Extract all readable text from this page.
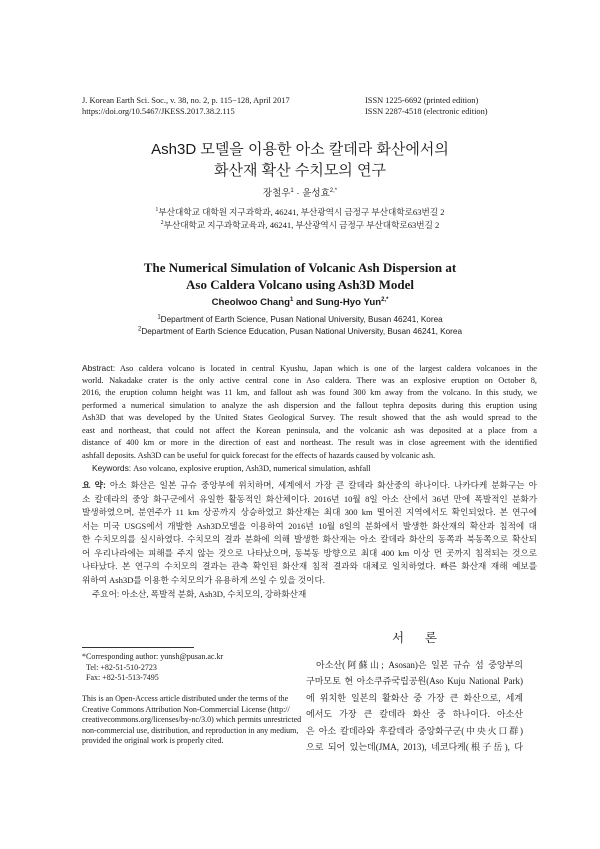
J. Korean Earth Sci. Soc., v. 38, no. 2, p. 115−128, April 2017
https://doi.org/10.5467/JKESS.2017.38.2.115
ISSN 1225-6692 (printed edition)
ISSN 2287-4518 (electronic edition)
Ash3D 모델을 이용한 아소 칼데라 화산에서의
화산재 확산 수치모의 연구
장철우$^1$ · 윤성효$^{2,*}$
$^1$부산대학교 대학원 지구과학과, 46241, 부산광역시 금정구 부산대학로63번길 2
$^2$부산대학교 지구과학교육과, 46241, 부산광역시 금정구 부산대학로63번길 2
The Numerical Simulation of Volcanic Ash Dispersion at
Aso Caldera Volcano using Ash3D Model
Cheolwoo Chang$^1$ and Sung-Hyo Yun$^{2,*}$
$^1$Department of Earth Science, Pusan National University, Busan 46241, Korea
$^2$Department of Earth Science Education, Pusan National University, Busan 46241, Korea
Abstract: Aso caldera volcano is located in central Kyushu, Japan which is one of the largest caldera volcanoes in the
world. Nakadake crater is the only active central cone in Aso caldera. There was an explosive eruption on October 8,
2016, the eruption column height was 11 km, and fallout ash was found 300 km away from the volcano. In this study, we
performed a numerical simulation to analyze the ash dispersion and the fallout tephra deposits during this eruption using
Ash3D that was developed by the United States Geological Survey. The result showed that the ash would spread to the
east and northeast, that could not affect the Korean peninsula, and the volcanic ash was deposited at a place from a
distance of 400 km or more in the direction of east and northeast. The result was in close agreement with the identified
ashfall deposits. Ash3D can be useful for quick forecast for the effects of hazards caused by volcanic ash.
Keywords: Aso volcano, explosive eruption, Ash3D, numerical simulation, ashfall
요 약: 아소 화산은 일본 규슈 중앙부에 위치하며, 세계에서 가장 큰 칼데라 화산중의 하나이다. 나카다케 분화구는 아
소 칼데라의 중앙 화구군에서 유일한 활동적인 화산체이다. 2016년 10월 8일 아소 산에서 36년 만에 폭발적인 분화가
발생하였으며, 분연주가 11 km 상공까지 상승하였고 화산재는 최대 300 km 떨어진 지역에서도 확인되었다. 본 연구에
서는 미국 USGS에서 개발한 Ash3D모델을 이용하여 2016년 10월 8일의 분화에서 발생한 화산재의 확산과 침적에 대
한 수치모의를 실시하였다. 수치모의 결과 분화에 의해 발생한 화산재는 아소 칼데라 화산의 동쪽과 북동쪽으로 확산되
어 우리나라에는 피해를 주지 않는 것으로 나타났으며, 동북동 방향으로 최대 400 km 이상 먼 곳까지 침적되는 것으로
나타났다. 본 연구의 수치모의 결과는 관측 확인된 화산재 침적 결과와 대체로 일치하였다. 빠른 화산재 재해 예보를
위하여 Ash3D를 이용한 수치모의가 유용하게 쓰일 수 있을 것이다.
주요어: 아소산, 폭발적 분화, Ash3D, 수치모의, 강하화산재
*Corresponding author: yunsh@pusan.ac.kr
Tel: +82-51-510-2723
Fax: +82-51-513-7495
This is an Open-Access article distributed under the terms of the
Creative Commons Attribution Non-Commercial License (http://
creativecommons.org/licenses/by-nc/3.0) which permits unrestricted
non-commercial use, distribution, and reproduction in any medium,
provided the original work is properly cited.
서      론
아소산(阿蘇山; Asosan)은 일본 규슈 섬 중앙부의
구마모토 현 아소쿠쥬국립공원(Aso Kuju National Park)
에 위치한 일본의 활화산 중 가장 큰 화산으로, 세계
에서도 가장 큰 칼데라 화산 중 하나이다. 아소산
은 아소 칼데라와 후칼데라 중앙화구군(中央火口群)
으로 되어 있는데(JMA, 2013), 네코다케(根子岳), 다
